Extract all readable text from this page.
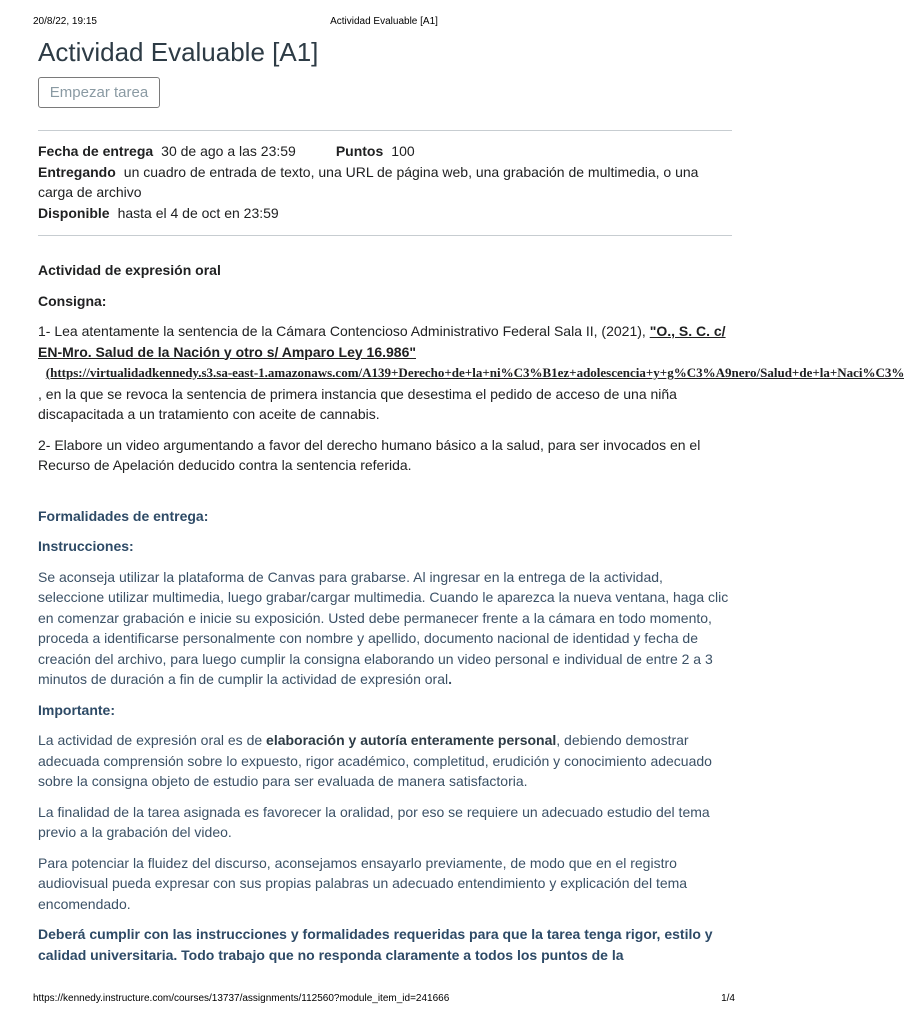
20/8/22, 19:15	Actividad Evaluable [A1]
Actividad Evaluable [A1]
Empezar tarea

Fecha de entrega 30 de ago a las 23:59	Puntos 100

Entregando un cuadro de entrada de texto, una URL de página web, una grabación de multimedia, o una carga de archivo

Disponible hasta el 4 de oct en 23:59

Actividad de expresión oral

Consigna:

1- Lea atentamente la sentencia de la Cámara Contencioso Administrativo Federal Sala II, (2021), "O., S. C. c/ EN-Mro. Salud de la Nación y otro s/ Amparo Ley 16.986"   (https://virtualidadkennedy.s3.sa-east-1.amazonaws.com/A139+Derecho+de+la+ni%C3%B1ez+adolescencia+y+g%C3%A9nero/Salud+de+la+Naci%C3%
, en la que se revoca la sentencia de primera instancia que desestima el pedido de acceso de una niña discapacitada a un tratamiento con aceite de cannabis.

2- Elabore un video argumentando a favor del derecho humano básico a la salud, para ser invocados en el Recurso de Apelación deducido contra la sentencia referida.

Formalidades de entrega:

Instrucciones:

Se aconseja utilizar la plataforma de Canvas para grabarse. Al ingresar en la entrega de la actividad, seleccione utilizar multimedia, luego grabar/cargar multimedia. Cuando le aparezca la nueva ventana, haga clic en comenzar grabación e inicie su exposición. Usted debe permanecer frente a la cámara en todo momento, proceda a identificarse personalmente con nombre y apellido, documento nacional de identidad y fecha de creación del archivo, para luego cumplir la consigna elaborando un video personal e individual de entre 2 a 3 minutos de duración a fin de cumplir la actividad de expresión oral.

Importante:

La actividad de expresión oral es de elaboración y autoría enteramente personal, debiendo demostrar adecuada comprensión sobre lo expuesto, rigor académico, completitud, erudición y conocimiento adecuado sobre la consigna objeto de estudio para ser evaluada de manera satisfactoria.

La finalidad de la tarea asignada es favorecer la oralidad, por eso se requiere un adecuado estudio del tema previo a la grabación del video.

Para potenciar la fluidez del discurso, aconsejamos ensayarlo previamente, de modo que en el registro audiovisual pueda expresar con sus propias palabras un adecuado entendimiento y explicación del tema encomendado.

Deberá cumplir con las instrucciones y formalidades requeridas para que la tarea tenga rigor, estilo y calidad universitaria. Todo trabajo que no responda claramente a todos los puntos de la

https://kennedy.instructure.com/courses/13737/assignments/112560?module_item_id=241666	1/4
